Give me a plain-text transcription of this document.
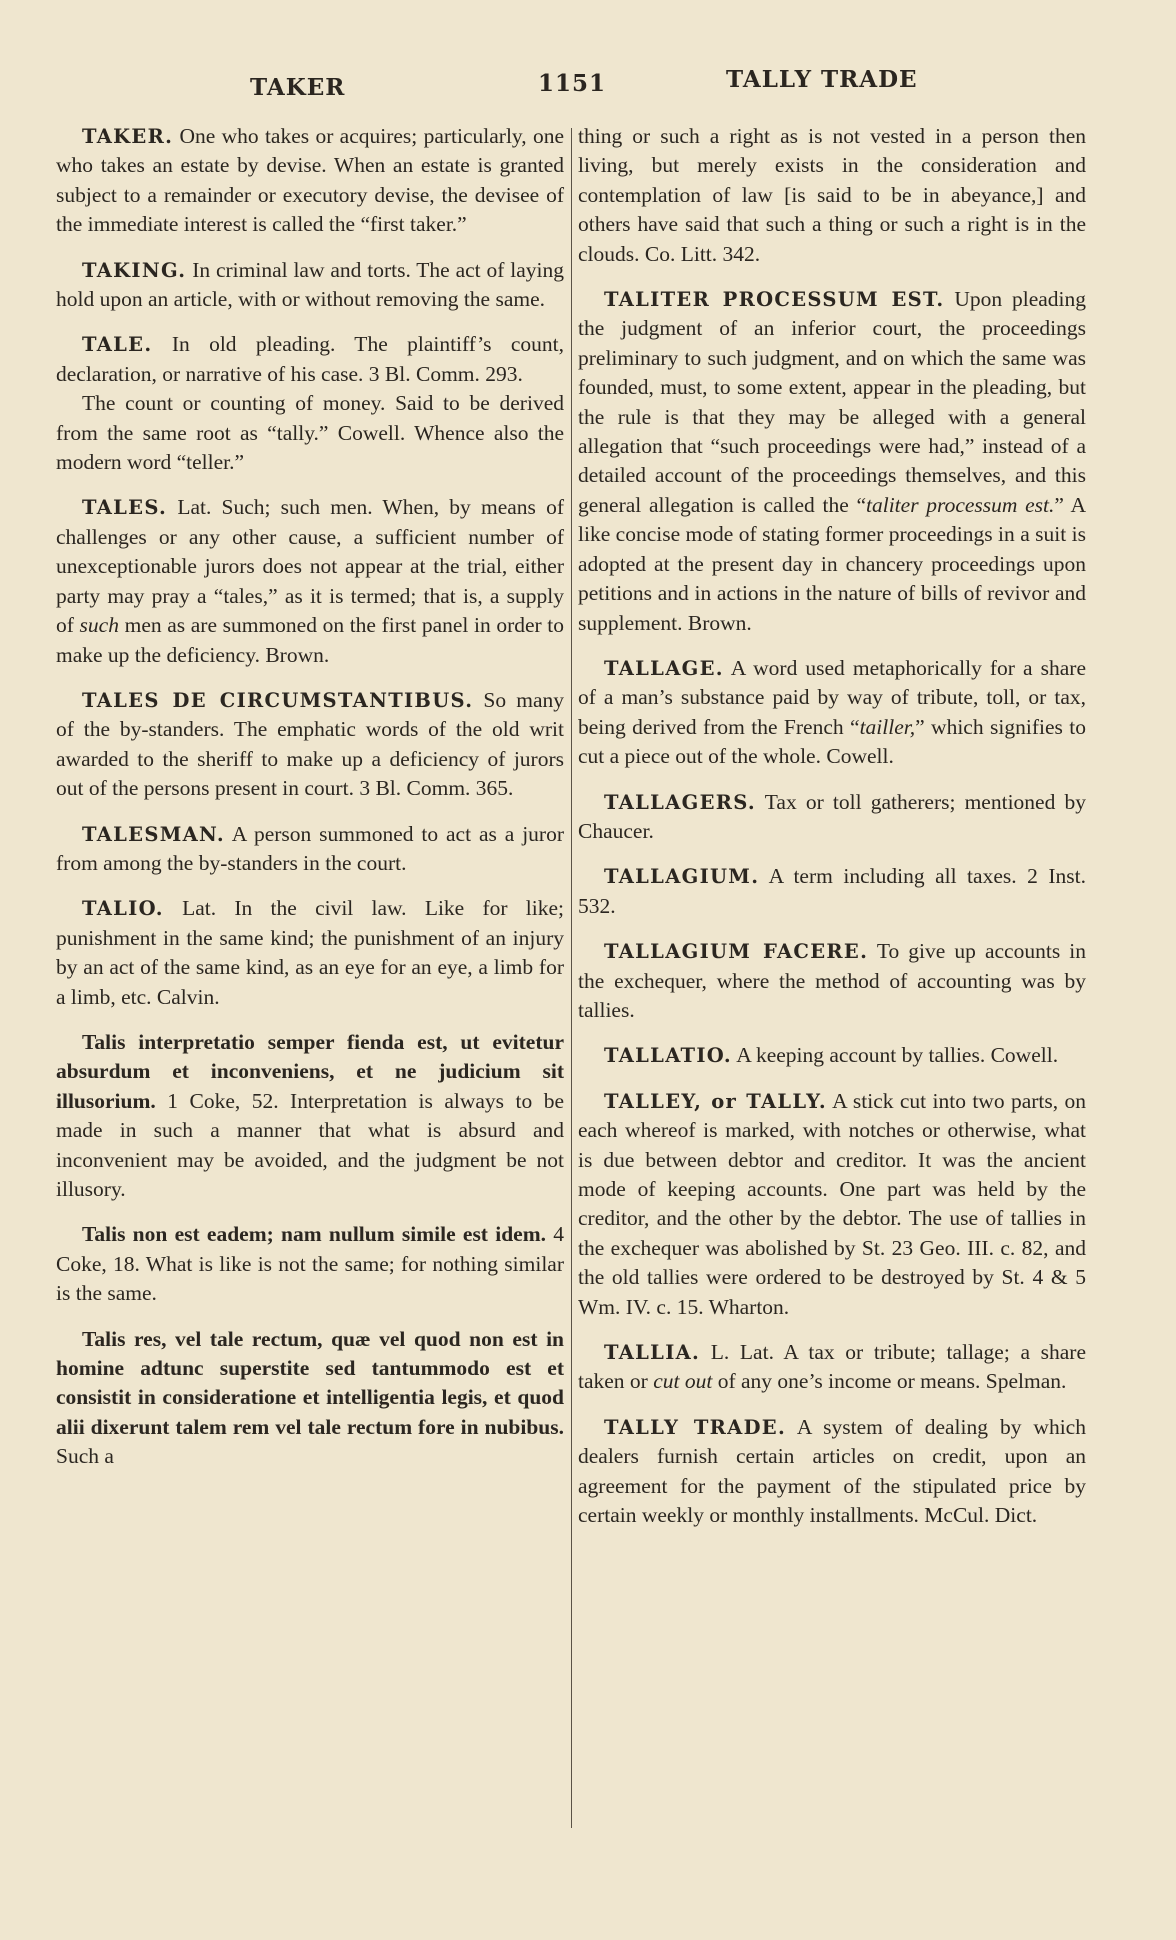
TAKER	1151	TALLY TRADE

TAKER. One who takes or acquires; particularly, one who takes an estate by devise. When an estate is granted subject to a remainder or executory devise, the devisee of the immediate interest is called the “first taker.”

TAKING. In criminal law and torts. The act of laying hold upon an article, with or without removing the same.

TALE. In old pleading. The plaintiff’s count, declaration, or narrative of his case. 3 Bl. Comm. 293.

The count or counting of money. Said to be derived from the same root as “tally.” Cowell. Whence also the modern word “teller.”

TALES. Lat. Such; such men. When, by means of challenges or any other cause, a sufficient number of unexceptionable jurors does not appear at the trial, either party may pray a “tales,” as it is termed; that is, a supply of such men as are summoned on the first panel in order to make up the deficiency. Brown.

TALES DE CIRCUMSTANTIBUS. So many of the by-standers. The emphatic words of the old writ awarded to the sheriff to make up a deficiency of jurors out of the persons present in court. 3 Bl. Comm. 365.

TALESMAN. A person summoned to act as a juror from among the by-standers in the court.

TALIO. Lat. In the civil law. Like for like; punishment in the same kind; the punishment of an injury by an act of the same kind, as an eye for an eye, a limb for a limb, etc. Calvin.

Talis interpretatio semper fienda est, ut evitetur absurdum et inconveniens, et ne judicium sit illusorium. 1 Coke, 52. Interpretation is always to be made in such a manner that what is absurd and inconvenient may be avoided, and the judgment be not illusory.

Talis non est eadem; nam nullum simile est idem. 4 Coke, 18. What is like is not the same; for nothing similar is the same.

Talis res, vel tale rectum, quæ vel quod non est in homine adtunc superstite sed tantummodo est et consistit in consideratione et intelligentia legis, et quod alii dixerunt talem rem vel tale rectum fore in nubibus. Such a

thing or such a right as is not vested in a person then living, but merely exists in the consideration and contemplation of law [is said to be in abeyance,] and others have said that such a thing or such a right is in the clouds. Co. Litt. 342.

TALITER PROCESSUM EST. Upon pleading the judgment of an inferior court, the proceedings preliminary to such judgment, and on which the same was founded, must, to some extent, appear in the pleading, but the rule is that they may be alleged with a general allegation that “such proceedings were had,” instead of a detailed account of the proceedings themselves, and this general allegation is called the “taliter processum est.” A like concise mode of stating former proceedings in a suit is adopted at the present day in chancery proceedings upon petitions and in actions in the nature of bills of revivor and supplement. Brown.

TALLAGE. A word used metaphorically for a share of a man’s substance paid by way of tribute, toll, or tax, being derived from the French “tailler,” which signifies to cut a piece out of the whole. Cowell.

TALLAGERS. Tax or toll gatherers; mentioned by Chaucer.

TALLAGIUM. A term including all taxes. 2 Inst. 532.

TALLAGIUM FACERE. To give up accounts in the exchequer, where the method of accounting was by tallies.

TALLATIO. A keeping account by tallies. Cowell.

TALLEY, or TALLY. A stick cut into two parts, on each whereof is marked, with notches or otherwise, what is due between debtor and creditor. It was the ancient mode of keeping accounts. One part was held by the creditor, and the other by the debtor. The use of tallies in the exchequer was abolished by St. 23 Geo. III. c. 82, and the old tallies were ordered to be destroyed by St. 4 & 5 Wm. IV. c. 15. Wharton.

TALLIA. L. Lat. A tax or tribute; tallage; a share taken or cut out of any one’s income or means. Spelman.

TALLY TRADE. A system of dealing by which dealers furnish certain articles on credit, upon an agreement for the payment of the stipulated price by certain weekly or monthly installments. McCul. Dict.
